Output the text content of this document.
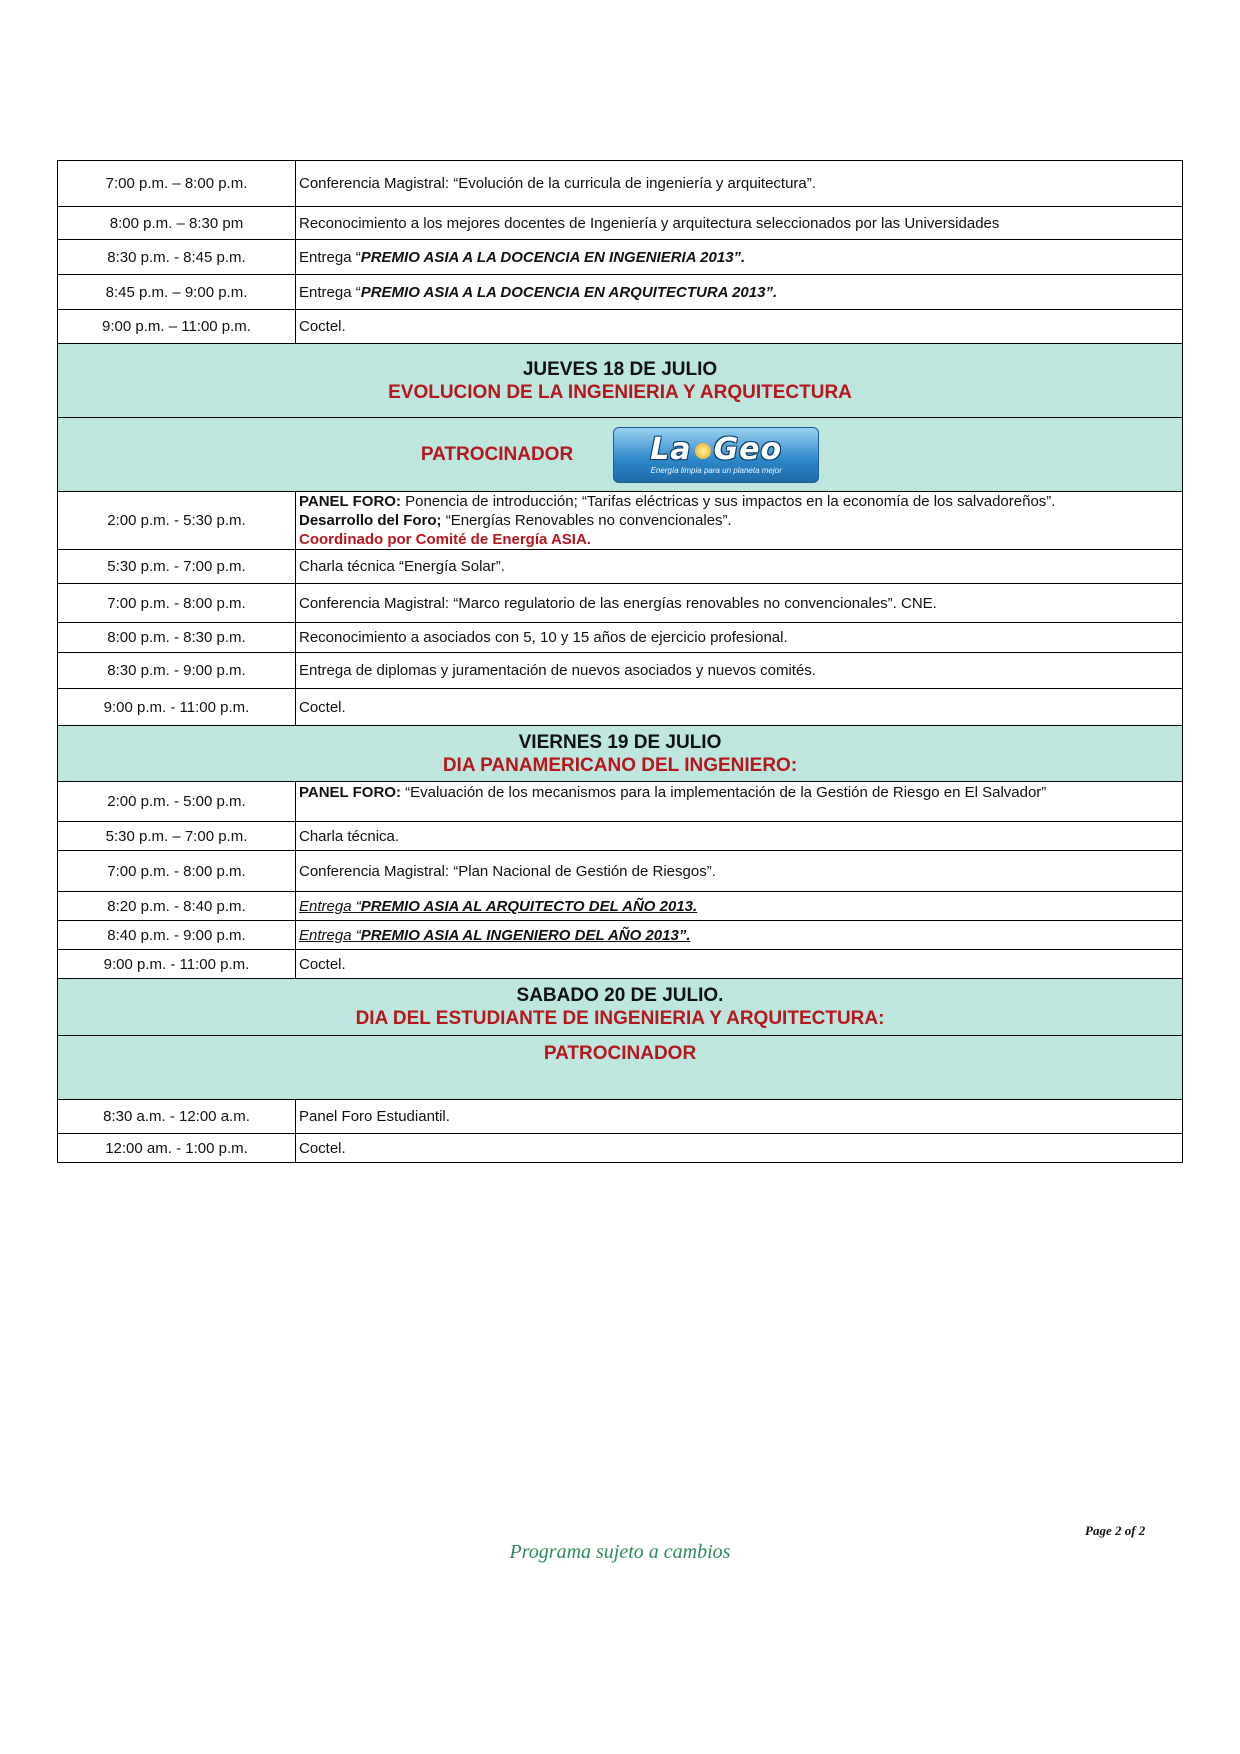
7:00 p.m. – 8:00 p.m.	Conferencia Magistral: “Evolución de la curricula de ingeniería y arquitectura”.
8:00 p.m. – 8:30 pm	Reconocimiento a los mejores docentes de Ingeniería y arquitectura seleccionados por las Universidades
8:30 p.m. - 8:45 p.m.	Entrega “PREMIO ASIA A LA DOCENCIA EN INGENIERIA 2013”.
8:45 p.m. – 9:00 p.m.	Entrega “PREMIO ASIA A LA DOCENCIA EN ARQUITECTURA 2013”.
9:00 p.m. – 11:00 p.m.	Coctel.

JUEVES 18 DE JULIO
EVOLUCION DE LA INGENIERIA Y ARQUITECTURA	

PATROCINADOR La Geo
Energía limpia para un planeta mejor	

2:00 p.m. - 5:30 p.m.	PANEL FORO: Ponencia de introducción; “Tarifas eléctricas y sus impactos en la economía de los salvadoreños”.
Desarrollo del Foro; “Energías Renovables no convencionales”.
Coordinado por Comité de Energía ASIA.

5:30 p.m. - 7:00 p.m.	Charla técnica “Energía Solar”.
7:00 p.m. - 8:00 p.m.	Conferencia Magistral: “Marco regulatorio de las energías renovables no convencionales”. CNE.
8:00 p.m. - 8:30 p.m.	Reconocimiento a asociados con 5, 10 y 15 años de ejercicio profesional.
8:30 p.m. - 9:00 p.m.	Entrega de diplomas y juramentación de nuevos asociados y nuevos comités.
9:00 p.m. - 11:00 p.m.	Coctel.

VIERNES 19 DE JULIO
DIA PANAMERICANO DEL INGENIERO:	

2:00 p.m. - 5:00 p.m.	PANEL FORO: “Evaluación de los mecanismos para la implementación de la Gestión de Riesgo en El Salvador”
5:30 p.m. – 7:00 p.m.	Charla técnica.
7:00 p.m. - 8:00 p.m.	Conferencia Magistral: “Plan Nacional de Gestión de Riesgos”.
8:20 p.m. - 8:40 p.m.	Entrega “PREMIO ASIA AL ARQUITECTO DEL AÑO 2013.
8:40 p.m. - 9:00 p.m.	Entrega “PREMIO ASIA AL INGENIERO DEL AÑO 2013”.
9:00 p.m. - 11:00 p.m.	Coctel.

SABADO 20 DE JULIO.
DIA DEL ESTUDIANTE DE INGENIERIA Y ARQUITECTURA:	

PATROCINADOR	
8:30 a.m. - 12:00 a.m.	Panel Foro Estudiantil.
12:00 am. - 1:00 p.m.	Coctel.
Page 2 of 2
Programa sujeto a cambios
